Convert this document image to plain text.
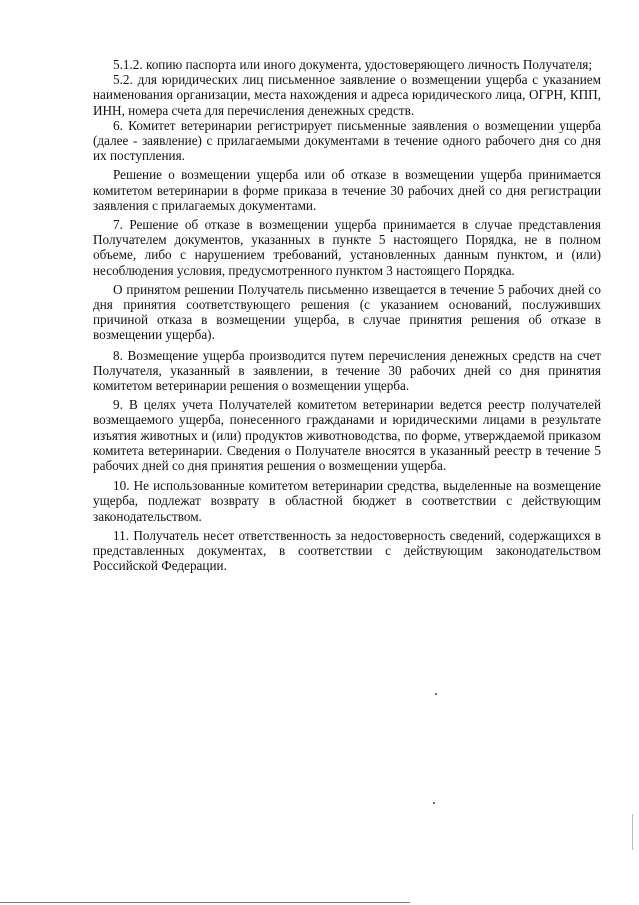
5.1.2. копию паспорта или иного документа, удостоверяющего личность Получателя;

5.2. для юридических лиц письменное заявление о возмещении ущерба с указанием наименования организации, места нахождения и адреса юридического лица, ОГРН, КПП, ИНН, номера счета для перечисления денежных средств.

6. Комитет ветеринарии регистрирует письменные заявления о возмещении ущерба (далее - заявление) с прилагаемыми документами в течение одного рабочего дня со дня их поступления.

Решение о возмещении ущерба или об отказе в возмещении ущерба принимается комитетом ветеринарии в форме приказа в течение 30 рабочих дней со дня регистрации заявления с прилагаемых документами.

7. Решение об отказе в возмещении ущерба принимается в случае представления Получателем документов, указанных в пункте 5 настоящего Порядка, не в полном объеме, либо с нарушением требований, установленных данным пунктом, и (или) несоблюдения условия, предусмотренного пунктом 3 настоящего Порядка.

О принятом решении Получатель письменно извещается в течение 5 рабочих дней со дня принятия соответствующего решения (с указанием оснований, послуживших причиной отказа в возмещении ущерба, в случае принятия решения об отказе в возмещении ущерба).

8. Возмещение ущерба производится путем перечисления денежных средств на счет Получателя, указанный в заявлении, в течение 30 рабочих дней со дня принятия комитетом ветеринарии решения о возмещении ущерба.

9. В целях учета Получателей комитетом ветеринарии ведется реестр получателей возмещаемого ущерба, понесенного гражданами и юридическими лицами в результате изъятия животных и (или) продуктов животноводства, по форме, утверждаемой приказом комитета ветеринарии. Сведения о Получателе вносятся в указанный реестр в течение 5 рабочих дней со дня принятия решения о возмещении ущерба.

10. Не использованные комитетом ветеринарии средства, выделенные на возмещение ущерба, подлежат возврату в областной бюджет в соответствии с действующим законодательством.

11. Получатель несет ответственность за недостоверность сведений, содержащихся в представленных документах, в соответствии с действующим законодательством Российской Федерации.
